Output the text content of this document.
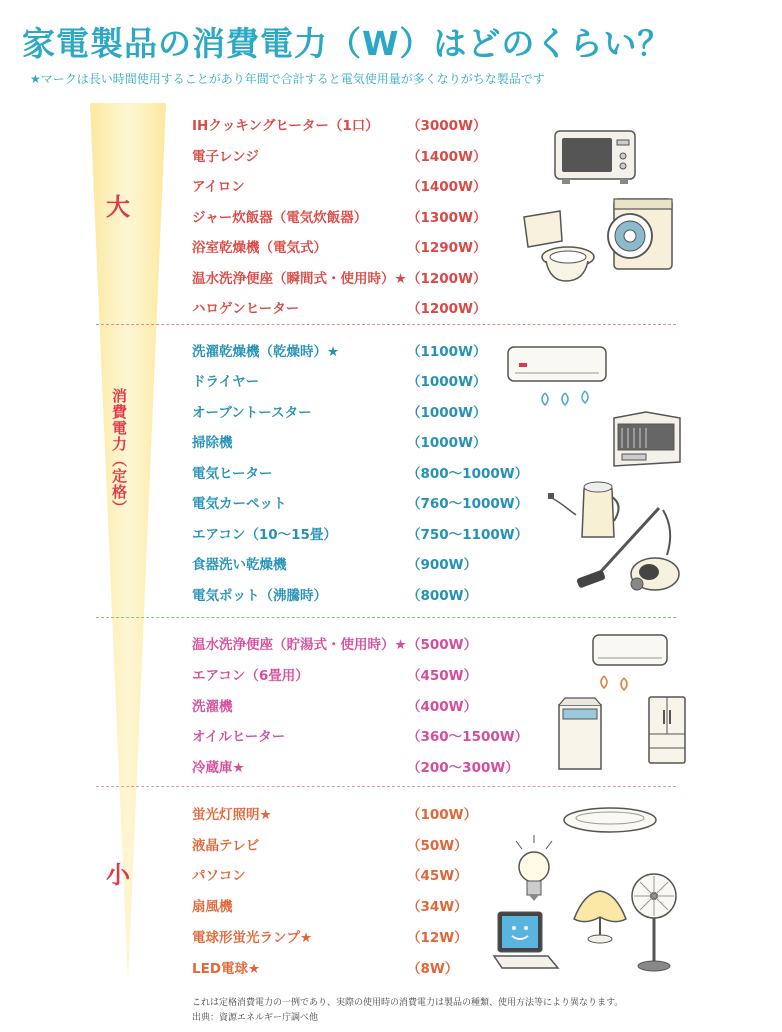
家電製品の消費電力（W）はどのくらい？
★マークは長い時間使用することがあり年間で合計すると電気使用量が多くなりがちな製品です
大
消費電力（定格）
小
IHクッキングヒーター（1口） （3000W）
電子レンジ	（1400W）
アイロン	（1400W）
ジャー炊飯器（電気炊飯器）	（1300W）
浴室乾燥機（電気式）	（1290W）
温水洗浄便座（瞬間式・使用時）★ （1200W）
ハロゲンヒーター	（1200W）
洗濯乾燥機（乾燥時）★	（1100W）
ドライヤー	（1000W）
オーブントースター	（1000W）
掃除機	（1000W）
電気ヒーター	（800〜1000W）
電気カーペット	（760〜1000W）
エアコン（10〜15畳）	（750〜1100W）
食器洗い乾燥機	（900W）
電気ポット（沸騰時）	（800W）
温水洗浄便座（貯湯式・使用時）★ （500W）
エアコン（6畳用）	（450W）
洗濯機	（400W）
オイルヒーター	（360〜1500W）
冷蔵庫★	（200〜300W）
蛍光灯照明★	（100W）
液晶テレビ	（50W）
パソコン	（45W）
扇風機	（34W）
電球形蛍光ランプ★	（12W）
LED電球★	（8W）
これは定格消費電力の一例であり、実際の使用時の消費電力は製品の種類、使用方法等により異なります。
出典：資源エネルギー庁調べ他
